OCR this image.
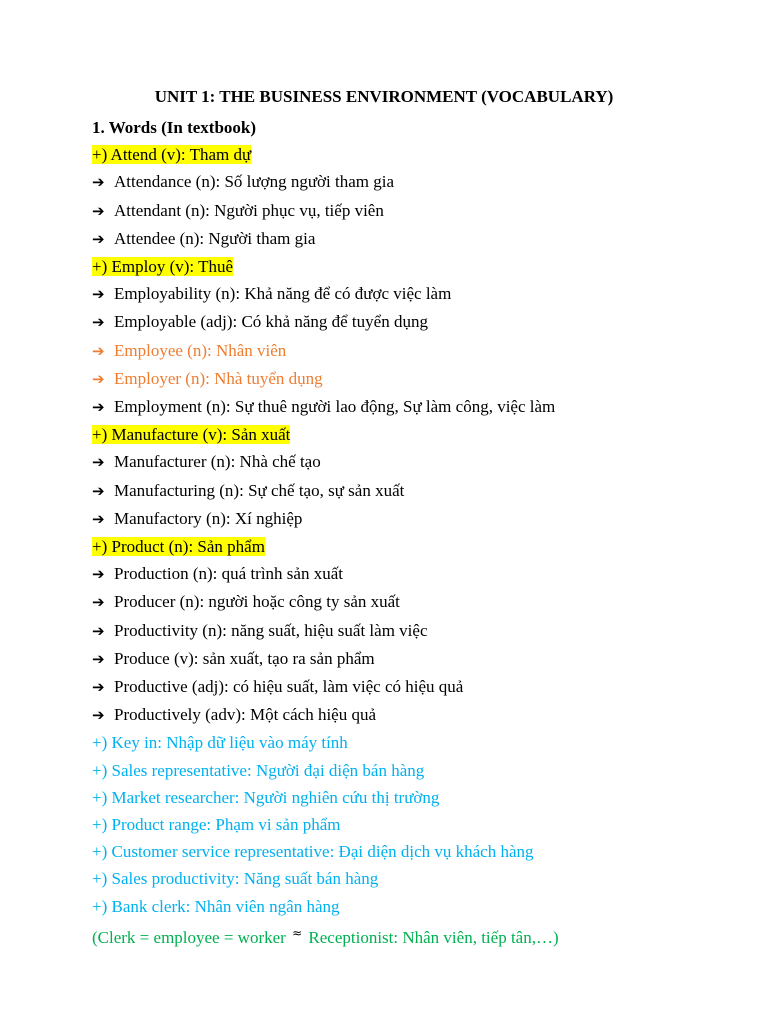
UNIT 1: THE BUSINESS ENVIRONMENT (VOCABULARY)
1. Words (In textbook)
+) Attend (v): Tham dự
➔ Attendance (n): Số lượng người tham gia
➔ Attendant (n): Người phục vụ, tiếp viên
➔ Attendee (n): Người tham gia
+) Employ (v): Thuê
➔ Employability (n): Khả năng để có được việc làm
➔ Employable (adj): Có khả năng để tuyển dụng
➔ Employee (n): Nhân viên
➔ Employer (n): Nhà tuyển dụng
➔ Employment (n): Sự thuê người lao động, Sự làm công, việc làm
+) Manufacture (v): Sản xuất
➔ Manufacturer (n): Nhà chế tạo
➔ Manufacturing (n): Sự chế tạo, sự sản xuất
➔ Manufactory (n): Xí nghiệp
+) Product (n): Sản phẩm
➔ Production (n): quá trình sản xuất
➔ Producer (n): người hoặc công ty sản xuất
➔ Productivity (n): năng suất, hiệu suất làm việc
➔ Produce (v): sản xuất, tạo ra sản phẩm
➔ Productive (adj): có hiệu suất, làm việc có hiệu quả
➔ Productively (adv): Một cách hiệu quả
+) Key in: Nhập dữ liệu vào máy tính
+) Sales representative: Người đại diện bán hàng
+) Market researcher: Người nghiên cứu thị trường
+) Product range: Phạm vi sản phẩm
+) Customer service representative: Đại diện dịch vụ khách hàng
+) Sales productivity: Năng suất bán hàng
+) Bank clerk: Nhân viên ngân hàng
(Clerk = employee = worker ≈ Receptionist: Nhân viên, tiếp tân,…)
